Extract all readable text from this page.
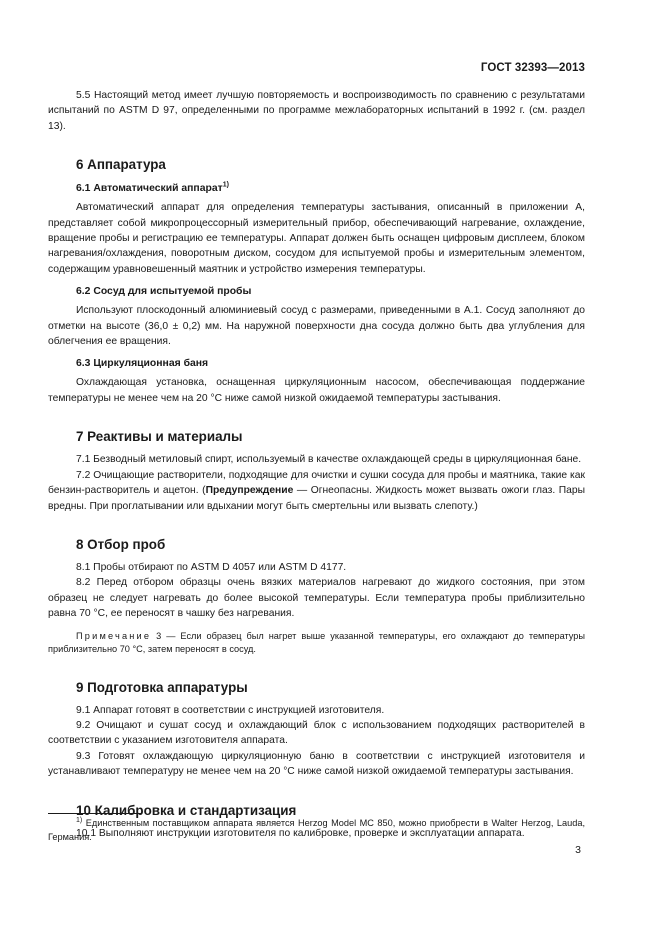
ГОСТ 32393—2013

5.5 Настоящий метод имеет лучшую повторяемость и воспроизводимость по сравнению с результатами испытаний по ASTM D 97, определенными по программе межлабораторных испытаний в 1992 г. (см. раздел 13).

6 Аппаратура
6.1 Автоматический аппарат$^{1)}$

Автоматический аппарат для определения температуры застывания, описанный в приложении А, представляет собой микропроцессорный измерительный прибор, обеспечивающий нагревание, охлаждение, вращение пробы и регистрацию ее температуры. Аппарат должен быть оснащен цифровым дисплеем, блоком нагревания/охлаждения, поворотным диском, сосудом для испытуемой пробы и измерительным элементом, содержащим уравновешенный маятник и устройство измерения температуры.

6.2 Сосуд для испытуемой пробы

Используют плоскодонный алюминиевый сосуд с размерами, приведенными в А.1. Сосуд заполняют до отметки на высоте (36,0 ± 0,2) мм. На наружной поверхности дна сосуда должно быть два углубления для облегчения ее вращения.

6.3 Циркуляционная баня

Охлаждающая установка, оснащенная циркуляционным насосом, обеспечивающая поддержание температуры не менее чем на 20 °С ниже самой низкой ожидаемой температуры застывания.

7 Реактивы и материалы

7.1 Безводный метиловый спирт, используемый в качестве охлаждающей среды в циркуляционная бане.

7.2 Очищающие растворители, подходящие для очистки и сушки сосуда для пробы и маятника, такие как бензин-растворитель и ацетон. (Предупреждение — Огнеопасны. Жидкость может вызвать ожоги глаз. Пары вредны. При проглатывании или вдыхании могут быть смертельны или вызвать слепоту.)

8 Отбор проб

8.1 Пробы отбирают по ASTM D 4057 или ASTM D 4177.

8.2 Перед отбором образцы очень вязких материалов нагревают до жидкого состояния, при этом образец не следует нагревать до более высокой температуры. Если температура пробы приблизительно равна 70 °С, ее переносят в чашку без нагревания.

Примечание 3 — Если образец был нагрет выше указанной температуры, его охлаждают до температуры приблизительно 70 °С, затем переносят в сосуд.

9 Подготовка аппаратуры

9.1 Аппарат готовят в соответствии с инструкцией изготовителя.

9.2 Очищают и сушат сосуд и охлаждающий блок с использованием подходящих растворителей в соответствии с указанием изготовителя аппарата.

9.3 Готовят охлаждающую циркуляционную баню в соответствии с инструкцией изготовителя и устанавливают температуру не менее чем на 20 °С ниже самой низкой ожидаемой температуры застывания.

10 Калибровка и стандартизация

10.1 Выполняют инструкции изготовителя по калибровке, проверке и эксплуатации аппарата.

$^{1)}$ Единственным поставщиком аппарата является Herzog Model MC 850, можно приобрести в Walter Herzog, Lauda, Германия.

3
